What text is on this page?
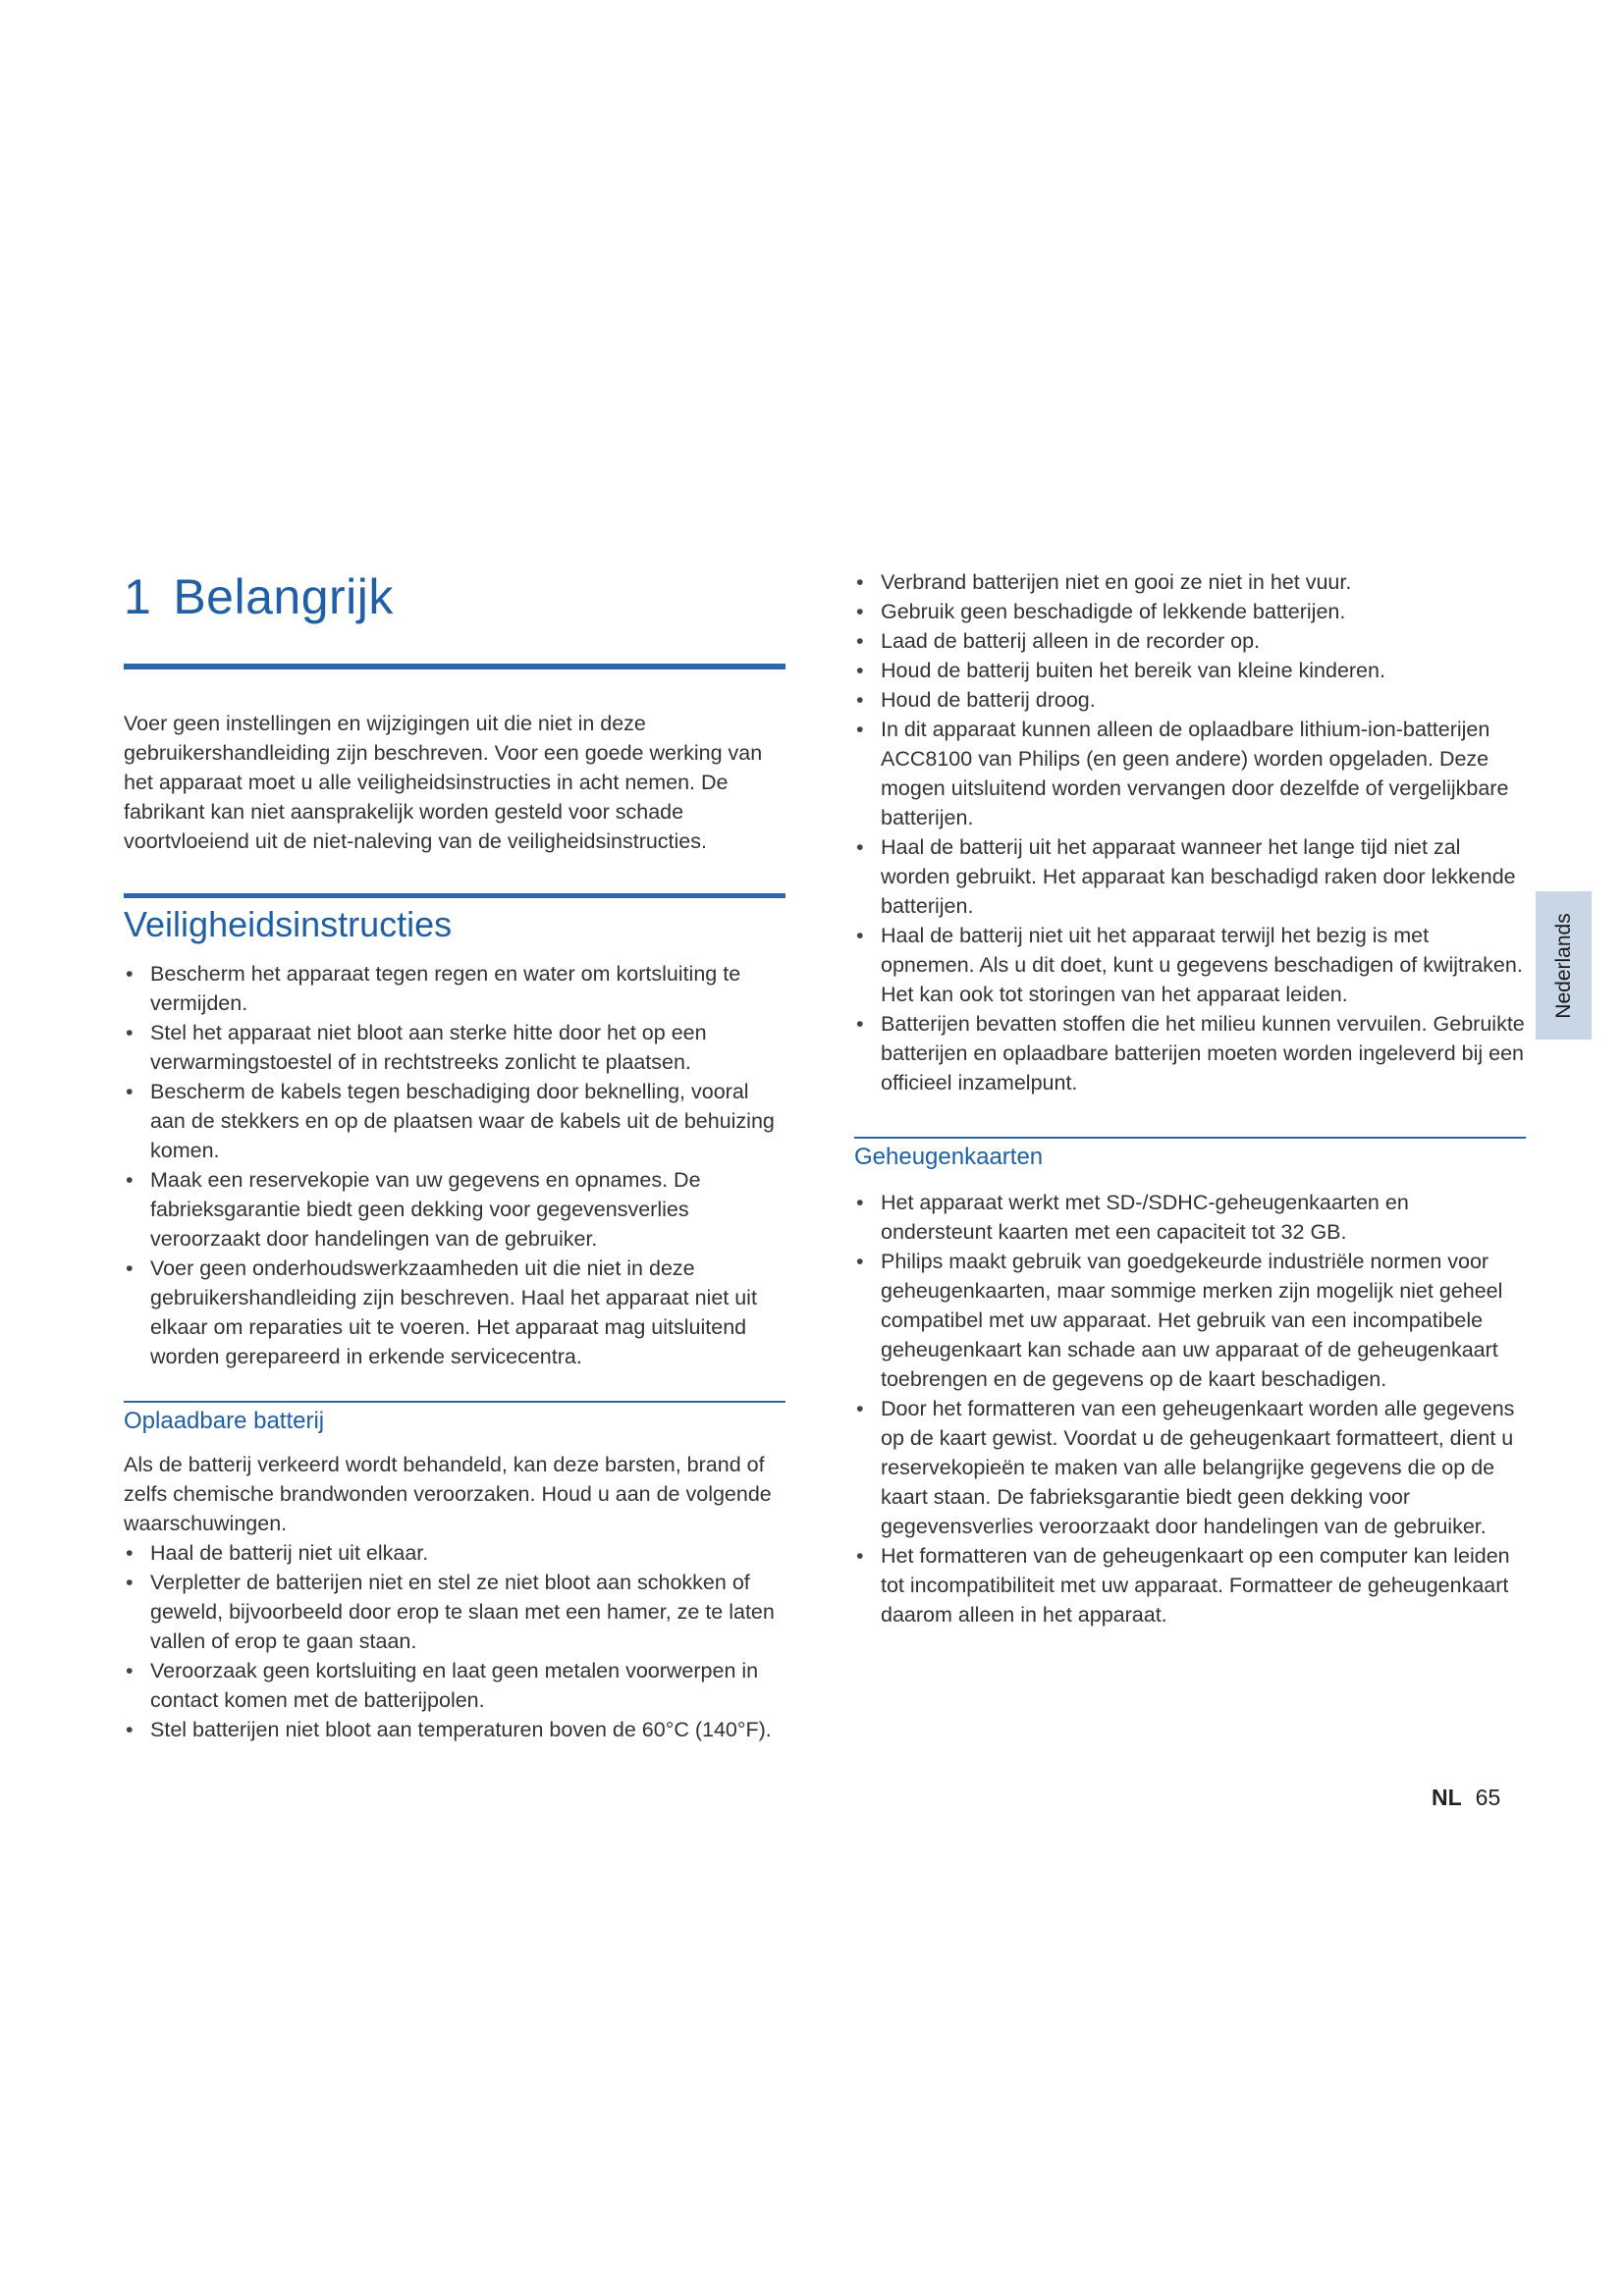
1 Belangrijk

Voer geen instellingen en wijzigingen uit die niet in deze gebruikershandleiding zijn beschreven. Voor een goede werking van het apparaat moet u alle veiligheidsinstructies in acht nemen. De fabrikant kan niet aansprakelijk worden gesteld voor schade voortvloeiend uit de niet-naleving van de veiligheidsinstructies.

Veiligheidsinstructies
• Bescherm het apparaat tegen regen en water om kortsluiting te vermijden.
• Stel het apparaat niet bloot aan sterke hitte door het op een verwarmingstoestel of in rechtstreeks zonlicht te plaatsen.
• Bescherm de kabels tegen beschadiging door beknelling, vooral aan de stekkers en op de plaatsen waar de kabels uit de behuizing komen.
• Maak een reservekopie van uw gegevens en opnames. De fabrieksgarantie biedt geen dekking voor gegevensverlies veroorzaakt door handelingen van de gebruiker.
• Voer geen onderhoudswerkzaamheden uit die niet in deze gebruikershandleiding zijn beschreven. Haal het apparaat niet uit elkaar om reparaties uit te voeren. Het apparaat mag uitsluitend worden gerepareerd in erkende servicecentra.
Oplaadbare batterij

Als de batterij verkeerd wordt behandeld, kan deze barsten, brand of zelfs chemische brandwonden veroorzaken. Houd u aan de volgende waarschuwingen.

• Haal de batterij niet uit elkaar.
• Verpletter de batterijen niet en stel ze niet bloot aan schokken of geweld, bijvoorbeeld door erop te slaan met een hamer, ze te laten vallen of erop te gaan staan.
• Veroorzaak geen kortsluiting en laat geen metalen voorwerpen in contact komen met de batterijpolen.
• Stel batterijen niet bloot aan temperaturen boven de 60°C (140°F).
• Verbrand batterijen niet en gooi ze niet in het vuur.
• Gebruik geen beschadigde of lekkende batterijen.
• Laad de batterij alleen in de recorder op.
• Houd de batterij buiten het bereik van kleine kinderen.
• Houd de batterij droog.
• In dit apparaat kunnen alleen de oplaadbare lithium-ion-batterijen ACC8100 van Philips (en geen andere) worden opgeladen. Deze mogen uitsluitend worden vervangen door dezelfde of vergelijkbare batterijen.
• Haal de batterij uit het apparaat wanneer het lange tijd niet zal worden gebruikt. Het apparaat kan beschadigd raken door lekkende batterijen.
• Haal de batterij niet uit het apparaat terwijl het bezig is met opnemen. Als u dit doet, kunt u gegevens beschadigen of kwijtraken. Het kan ook tot storingen van het apparaat leiden.
• Batterijen bevatten stoffen die het milieu kunnen vervuilen. Gebruikte batterijen en oplaadbare batterijen moeten worden ingeleverd bij een officieel inzamelpunt.
Geheugenkaarten
• Het apparaat werkt met SD-/SDHC-geheugenkaarten en ondersteunt kaarten met een capaciteit tot 32 GB.
• Philips maakt gebruik van goedgekeurde industriële normen voor geheugenkaarten, maar sommige merken zijn mogelijk niet geheel compatibel met uw apparaat. Het gebruik van een incompatibele geheugenkaart kan schade aan uw apparaat of de geheugenkaart toebrengen en de gegevens op de kaart beschadigen.
• Door het formatteren van een geheugenkaart worden alle gegevens op de kaart gewist. Voordat u de geheugenkaart formatteert, dient u reservekopieën te maken van alle belangrijke gegevens die op de kaart staan. De fabrieksgarantie biedt geen dekking voor gegevensverlies veroorzaakt door handelingen van de gebruiker.
• Het formatteren van de geheugenkaart op een computer kan leiden tot incompatibiliteit met uw apparaat. Formatteer de geheugenkaart daarom alleen in het apparaat.
Nederlands
NL 65
